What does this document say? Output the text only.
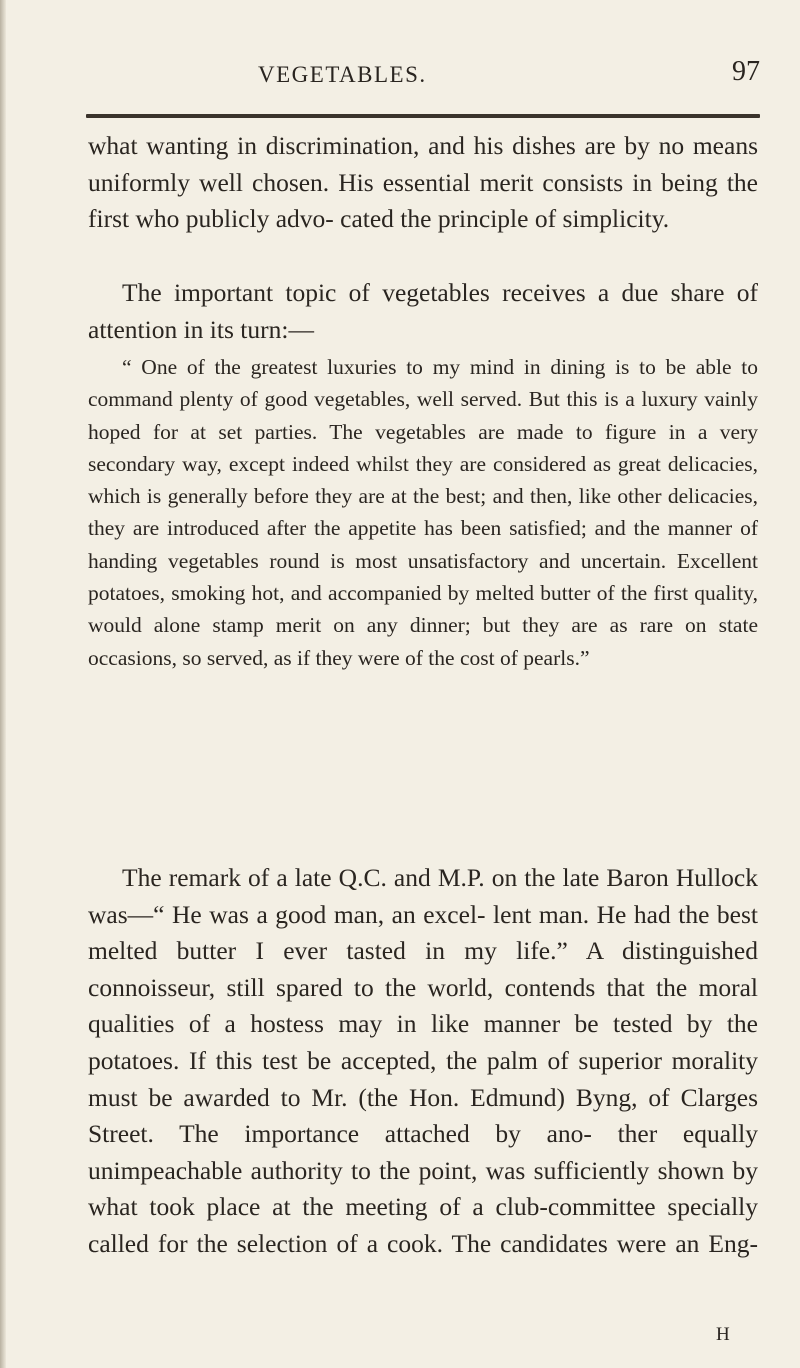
VEGETABLES.	97

what wanting in discrimination, and his dishes are by no means uniformly well chosen. His essential merit consists in being the first who publicly advo- cated the principle of simplicity.

The important topic of vegetables receives a due share of attention in its turn:—

“ One of the greatest luxuries to my mind in dining is to be able to command plenty of good vegetables, well served. But this is a luxury vainly hoped for at set parties. The vegetables are made to figure in a very secondary way, except indeed whilst they are considered as great delicacies, which is generally before they are at the best; and then, like other delicacies, they are introduced after the appetite has been satisfied; and the manner of handing vegetables round is most unsatisfactory and uncertain. Excellent potatoes, smoking hot, and accompanied by melted butter of the first quality, would alone stamp merit on any dinner; but they are as rare on state occasions, so served, as if they were of the cost of pearls.”

The remark of a late Q.C. and M.P. on the late Baron Hullock was—“ He was a good man, an excel- lent man. He had the best melted butter I ever tasted in my life.” A distinguished connoisseur, still spared to the world, contends that the moral qualities of a hostess may in like manner be tested by the potatoes. If this test be accepted, the palm of superior morality must be awarded to Mr. (the Hon. Edmund) Byng, of Clarges Street. The importance attached by ano- ther equally unimpeachable authority to the point, was sufficiently shown by what took place at the meeting of a club-committee specially called for the selection of a cook. The candidates were an Eng-

H
